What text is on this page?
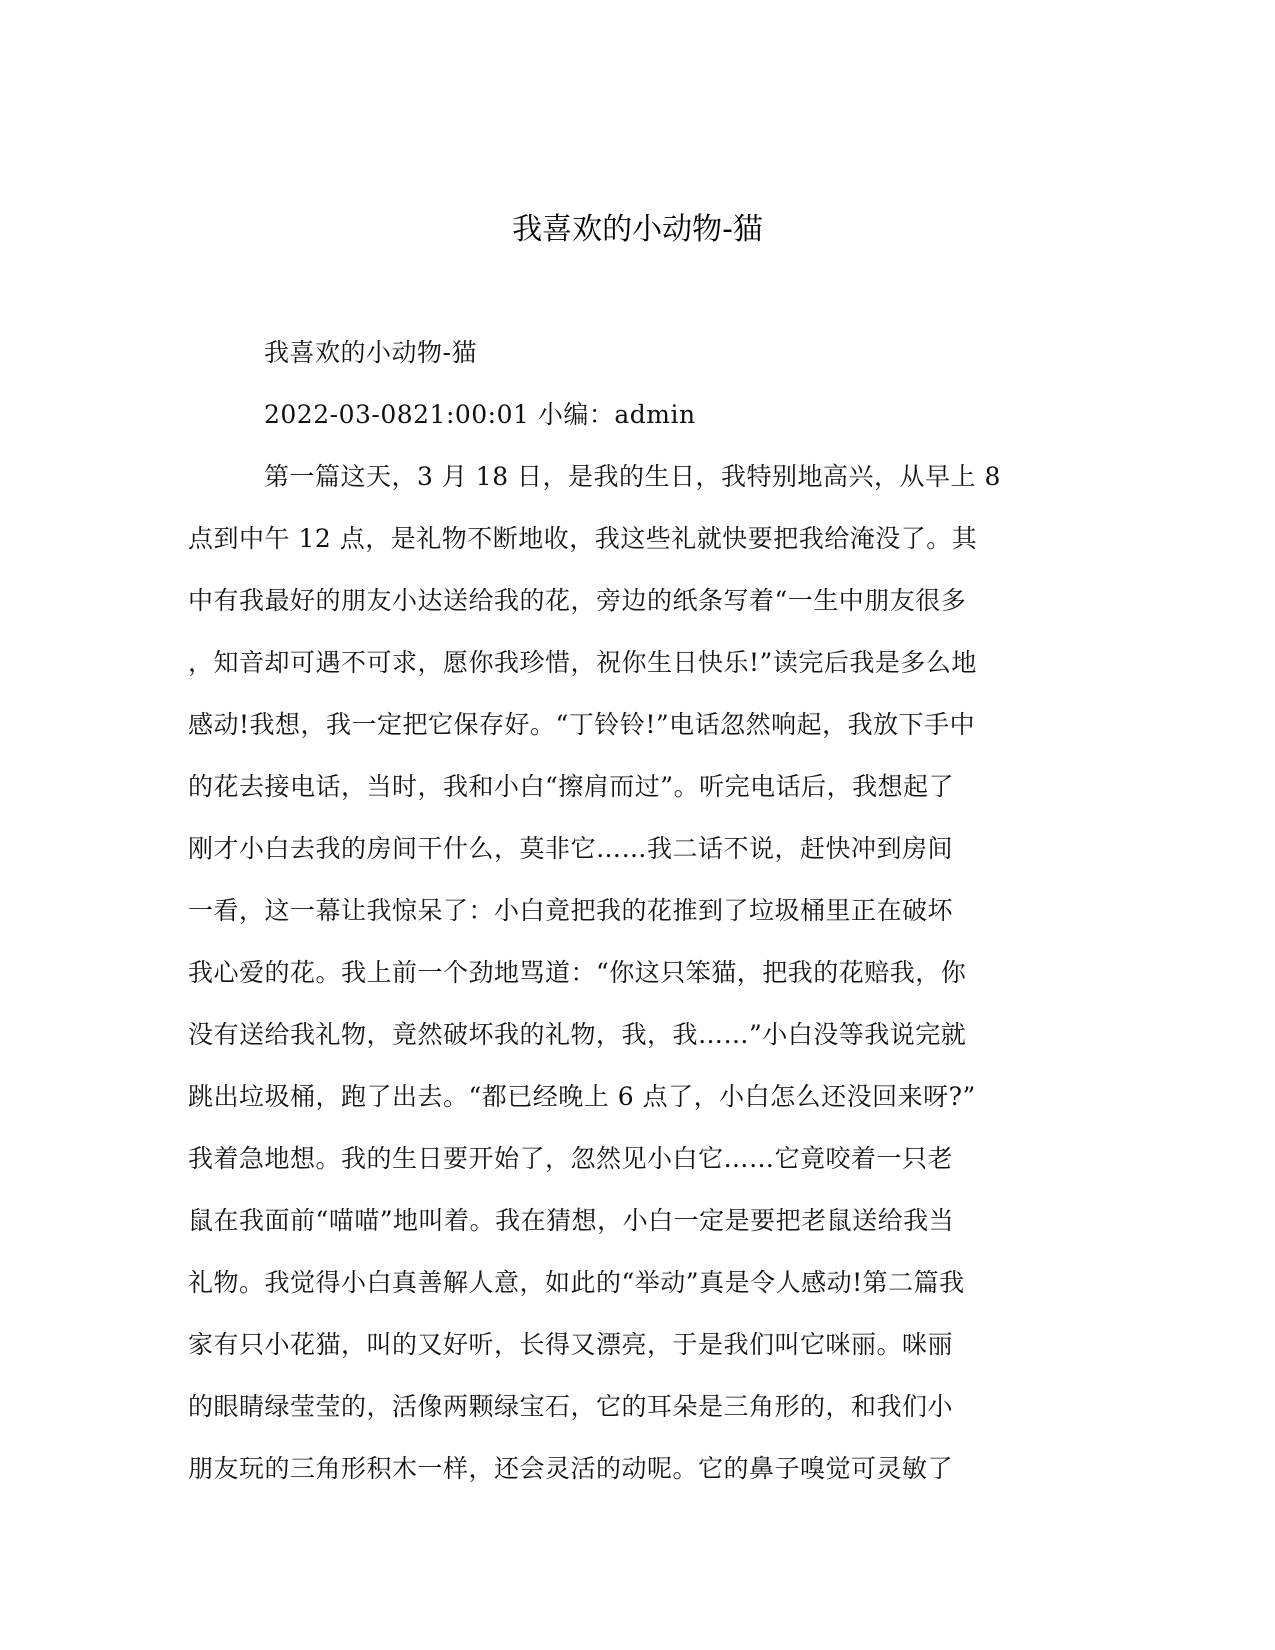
我喜欢的小动物-猫
我喜欢的小动物-猫
2022-03-0821:00:01 小编：admin
第一篇这天，3 月 18 日，是我的生日，我特别地高兴，从早上 8
点到中午 12 点，是礼物不断地收，我这些礼就快要把我给淹没了。其
中有我最好的朋友小达送给我的花，旁边的纸条写着“一生中朋友很多
，知音却可遇不可求，愿你我珍惜，祝你生日快乐!”读完后我是多么地
感动!我想，我一定把它保存好。“丁铃铃!”电话忽然响起，我放下手中
的花去接电话，当时，我和小白“擦肩而过”。听完电话后，我想起了
刚才小白去我的房间干什么，莫非它……我二话不说，赶快冲到房间
一看，这一幕让我惊呆了：小白竟把我的花推到了垃圾桶里正在破坏
我心爱的花。我上前一个劲地骂道：“你这只笨猫，把我的花赔我，你
没有送给我礼物，竟然破坏我的礼物，我，我……”小白没等我说完就
跳出垃圾桶，跑了出去。“都已经晚上 6 点了，小白怎么还没回来呀?”
我着急地想。我的生日要开始了，忽然见小白它……它竟咬着一只老
鼠在我面前“喵喵”地叫着。我在猜想，小白一定是要把老鼠送给我当
礼物。我觉得小白真善解人意，如此的“举动”真是令人感动!第二篇我
家有只小花猫，叫的又好听，长得又漂亮，于是我们叫它咪丽。咪丽
的眼睛绿莹莹的，活像两颗绿宝石，它的耳朵是三角形的，和我们小
朋友玩的三角形积木一样，还会灵活的动呢。它的鼻子嗅觉可灵敏了
